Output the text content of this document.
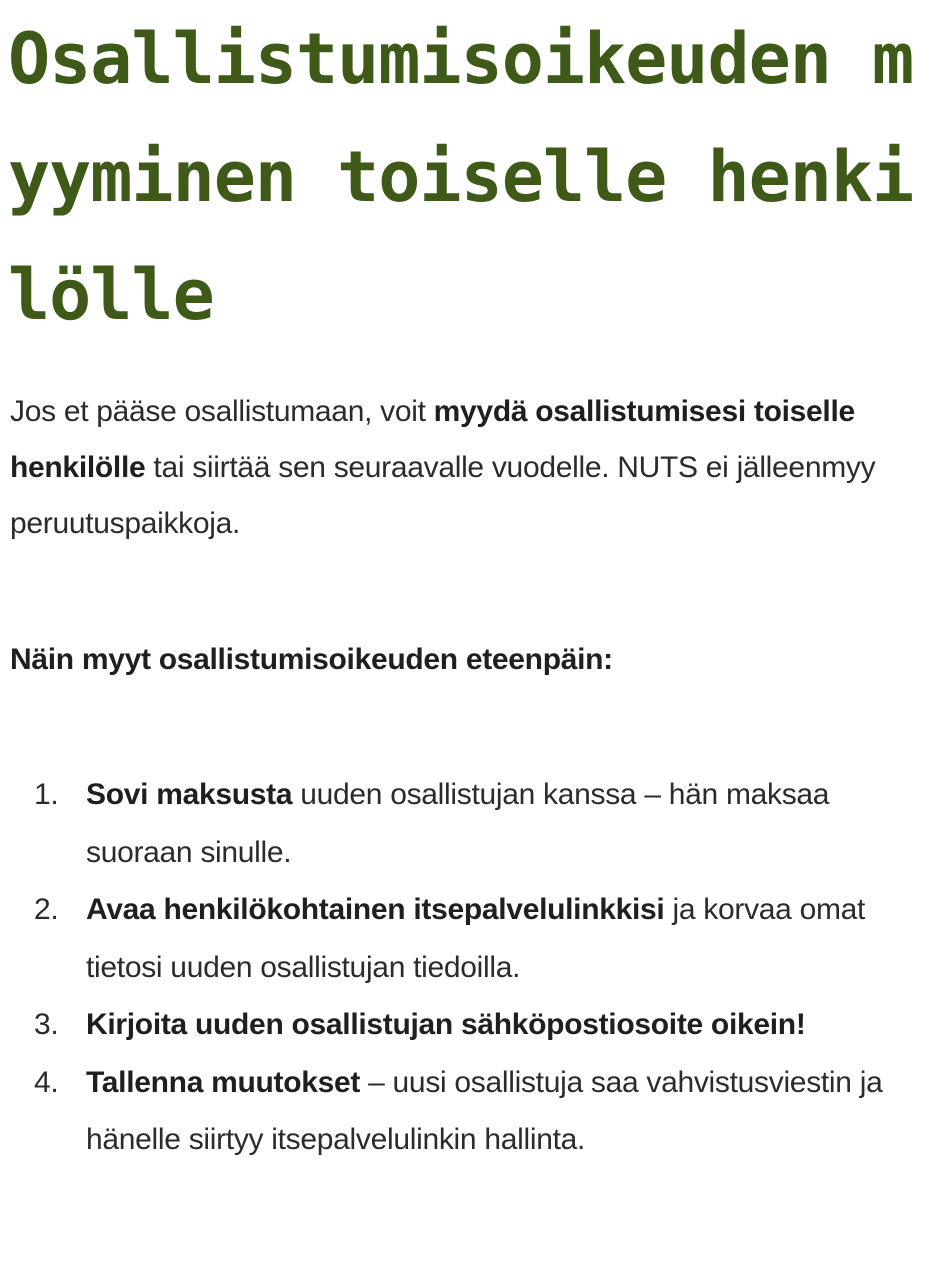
Osallistumisoikeuden myyminen toiselle henkilölle

Jos et pääse osallistumaan, voit myydä osallistumisesi toiselle henkilölle tai siirtää sen seuraavalle vuodelle. NUTS ei jälleenmyy peruutuspaikkoja.

Näin myyt osallistumisoikeuden eteenpäin:
1. Sovi maksusta uuden osallistujan kanssa – hän maksaa suoraan sinulle.
2. Avaa henkilökohtainen itsepalvelulinkkisi ja korvaa omat tietosi uuden osallistujan tiedoilla.
3. Kirjoita uuden osallistujan sähköpostiosoite oikein!
4. Tallenna muutokset – uusi osallistuja saa vahvistusviestin ja hänelle siirtyy itsepalvelulinkin hallinta.
